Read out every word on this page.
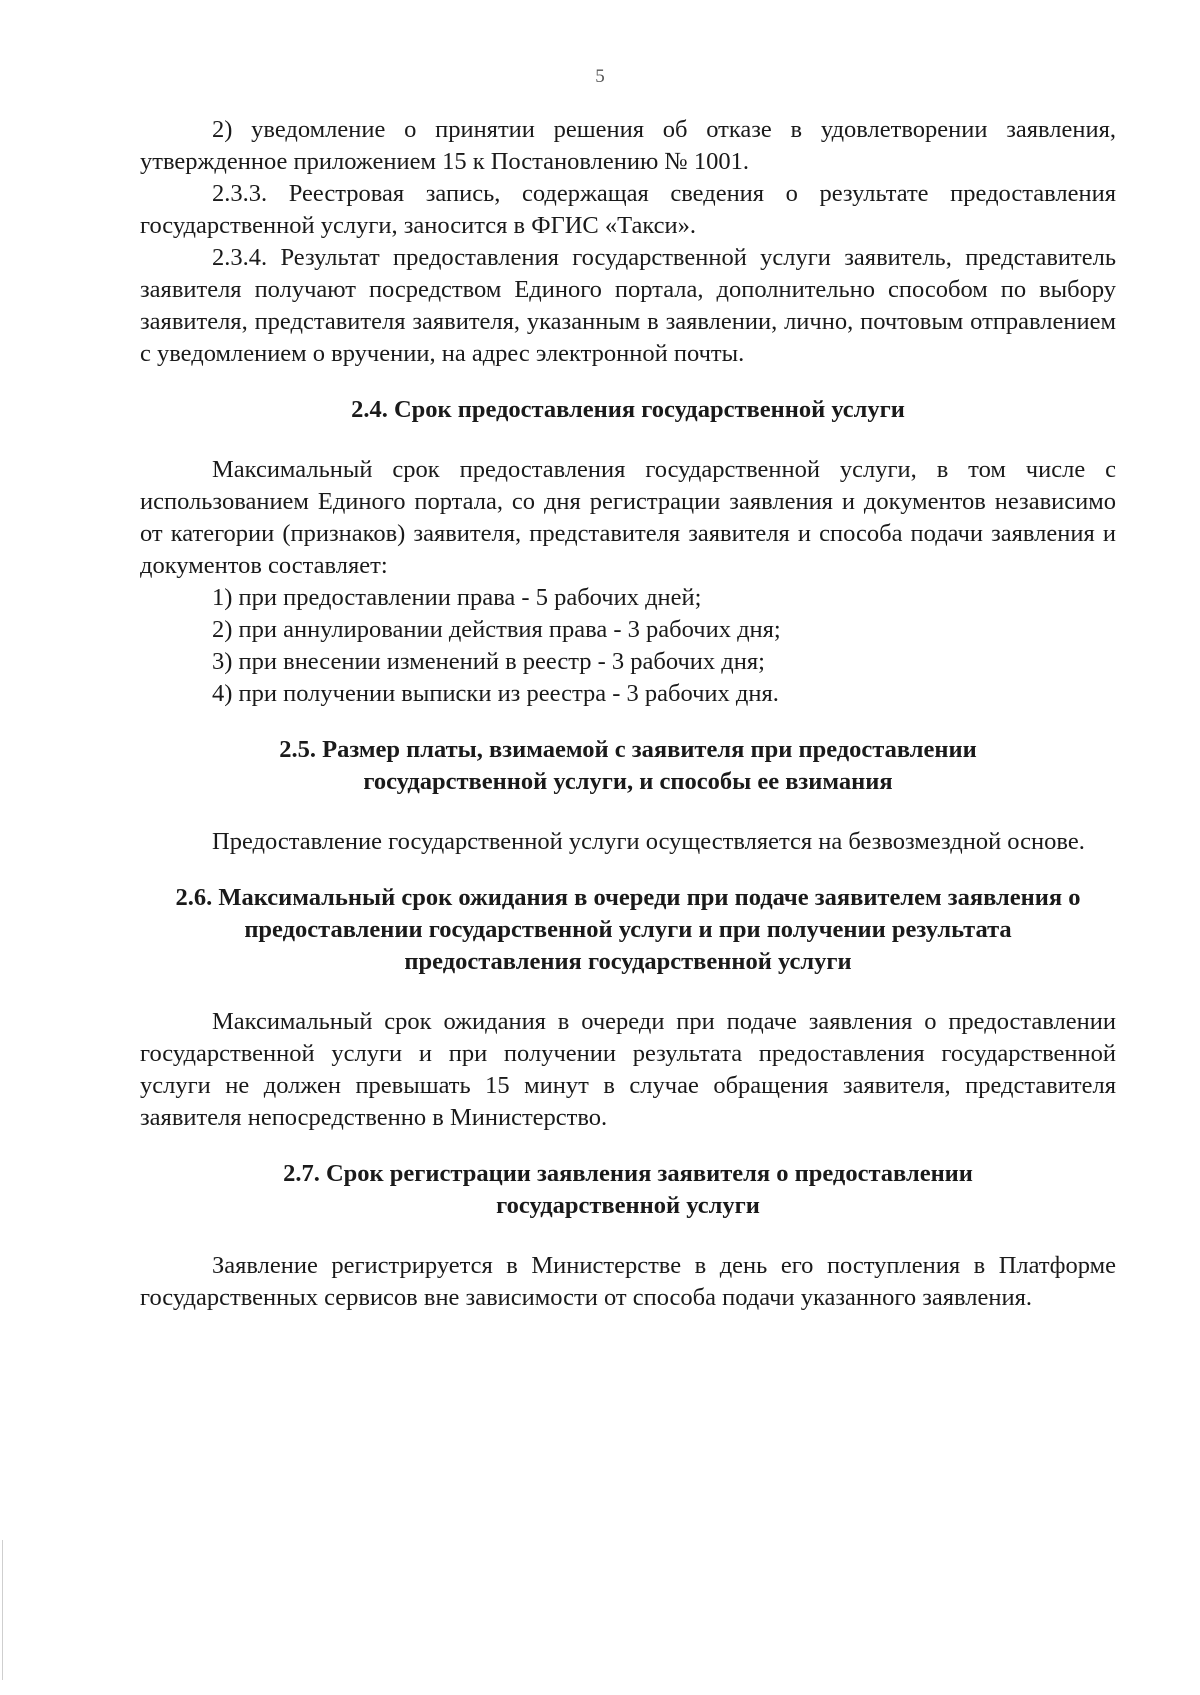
5

2) уведомление о принятии решения об отказе в удовлетворении заявления, утвержденное приложением 15 к Постановлению № 1001.

2.3.3. Реестровая запись, содержащая сведения о результате предоставления государственной услуги, заносится в ФГИС «Такси».

2.3.4. Результат предоставления государственной услуги заявитель, представитель заявителя получают посредством Единого портала, дополнительно способом по выбору заявителя, представителя заявителя, указанным в заявлении, лично, почтовым отправлением с уведомлением о вручении, на адрес электронной почты.

2.4. Срок предоставления государственной услуги

Максимальный срок предоставления государственной услуги, в том числе с использованием Единого портала, со дня регистрации заявления и документов независимо от категории (признаков) заявителя, представителя заявителя и способа подачи заявления и документов составляет:

1) при предоставлении права - 5 рабочих дней;

2) при аннулировании действия права - 3 рабочих дня;

3) при внесении изменений в реестр - 3 рабочих дня;

4) при получении выписки из реестра - 3 рабочих дня.

2.5. Размер платы, взимаемой с заявителя при предоставлении государственной услуги, и способы ее взимания

Предоставление государственной услуги осуществляется на безвозмездной основе.

2.6. Максимальный срок ожидания в очереди при подаче заявителем заявления о предоставлении государственной услуги и при получении результата предоставления государственной услуги

Максимальный срок ожидания в очереди при подаче заявления о предоставлении государственной услуги и при получении результата предоставления государственной услуги не должен превышать 15 минут в случае обращения заявителя, представителя заявителя непосредственно в Министерство.

2.7. Срок регистрации заявления заявителя о предоставлении государственной услуги

Заявление регистрируется в Министерстве в день его поступления в Платформе государственных сервисов вне зависимости от способа подачи указанного заявления.
